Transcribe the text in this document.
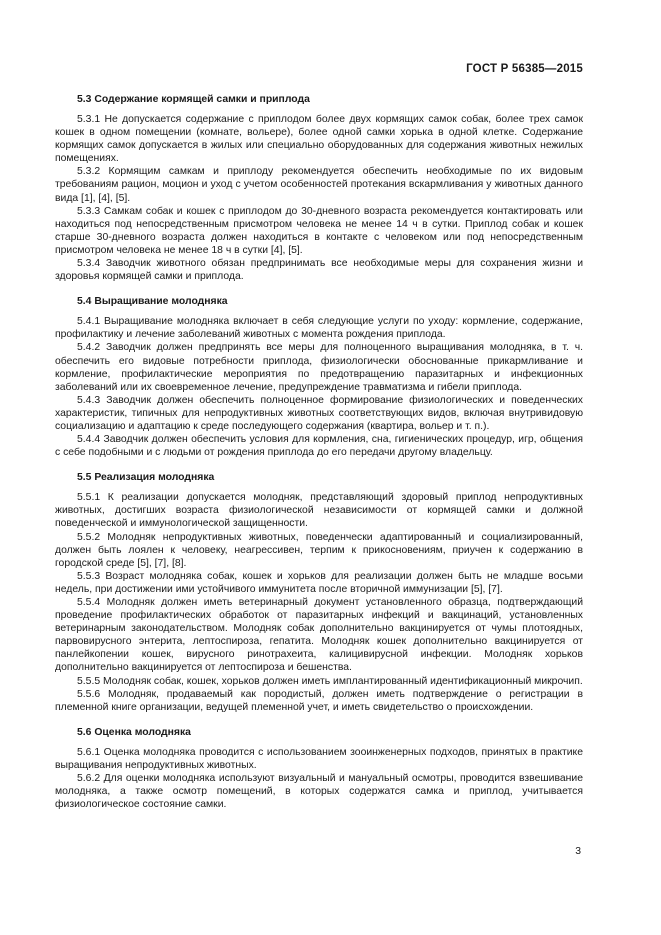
ГОСТ Р 56385—2015
5.3 Содержание кормящей самки и приплода

5.3.1 Не допускается содержание с приплодом более двух кормящих самок собак, более трех самок кошек в одном помещении (комнате, вольере), более одной самки хорька в одной клетке. Содержание кормящих самок допускается в жилых или специально оборудованных для содержания животных нежилых помещениях.

5.3.2 Кормящим самкам и приплоду рекомендуется обеспечить необходимые по их видовым требованиям рацион, моцион и уход с учетом особенностей протекания вскармливания у животных данного вида [1], [4], [5].

5.3.3 Самкам собак и кошек с приплодом до 30-дневного возраста рекомендуется контактировать или находиться под непосредственным присмотром человека не менее 14 ч в сутки. Приплод собак и кошек старше 30-дневного возраста должен находиться в контакте с человеком или под непосредственным присмотром человека не менее 18 ч в сутки [4], [5].

5.3.4 Заводчик животного обязан предпринимать все необходимые меры для сохранения жизни и здоровья кормящей самки и приплода.

5.4 Выращивание молодняка

5.4.1 Выращивание молодняка включает в себя следующие услуги по уходу: кормление, содержание, профилактику и лечение заболеваний животных с момента рождения приплода.

5.4.2 Заводчик должен предпринять все меры для полноценного выращивания молодняка, в т. ч. обеспечить его видовые потребности приплода, физиологически обоснованные прикармливание и кормление, профилактические мероприятия по предотвращению паразитарных и инфекционных заболеваний или их своевременное лечение, предупреждение травматизма и гибели приплода.

5.4.3 Заводчик должен обеспечить полноценное формирование физиологических и поведенческих характеристик, типичных для непродуктивных животных соответствующих видов, включая внутривидовую социализацию и адаптацию к среде последующего содержания (квартира, вольер и т. п.).

5.4.4 Заводчик должен обеспечить условия для кормления, сна, гигиенических процедур, игр, общения с себе подобными и с людьми от рождения приплода до его передачи другому владельцу.

5.5 Реализация молодняка

5.5.1 К реализации допускается молодняк, представляющий здоровый приплод непродуктивных животных, достигших возраста физиологической независимости от кормящей самки и должной поведенческой и иммунологической защищенности.

5.5.2 Молодняк непродуктивных животных, поведенчески адаптированный и социализированный, должен быть лоялен к человеку, неагрессивен, терпим к прикосновениям, приучен к содержанию в городской среде [5], [7], [8].

5.5.3 Возраст молодняка собак, кошек и хорьков для реализации должен быть не младше восьми недель, при достижении ими устойчивого иммунитета после вторичной иммунизации [5], [7].

5.5.4 Молодняк должен иметь ветеринарный документ установленного образца, подтверждающий проведение профилактических обработок от паразитарных инфекций и вакцинаций, установленных ветеринарным законодательством. Молодняк собак дополнительно вакцинируется от чумы плотоядных, парвовирусного энтерита, лептоспироза, гепатита. Молодняк кошек дополнительно вакцинируется от панлейкопении кошек, вирусного ринотрахеита, калицивирусной инфекции. Молодняк хорьков дополнительно вакцинируется от лептоспироза и бешенства.

5.5.5 Молодняк собак, кошек, хорьков должен иметь имплантированный идентификационный микрочип.

5.5.6 Молодняк, продаваемый как породистый, должен иметь подтверждение о регистрации в племенной книге организации, ведущей племенной учет, и иметь свидетельство о происхождении.

5.6 Оценка молодняка

5.6.1 Оценка молодняка проводится с использованием зооинженерных подходов, принятых в практике выращивания непродуктивных животных.

5.6.2 Для оценки молодняка используют визуальный и мануальный осмотры, проводится взвешивание молодняка, а также осмотр помещений, в которых содержатся самка и приплод, учитывается физиологическое состояние самки.

3
